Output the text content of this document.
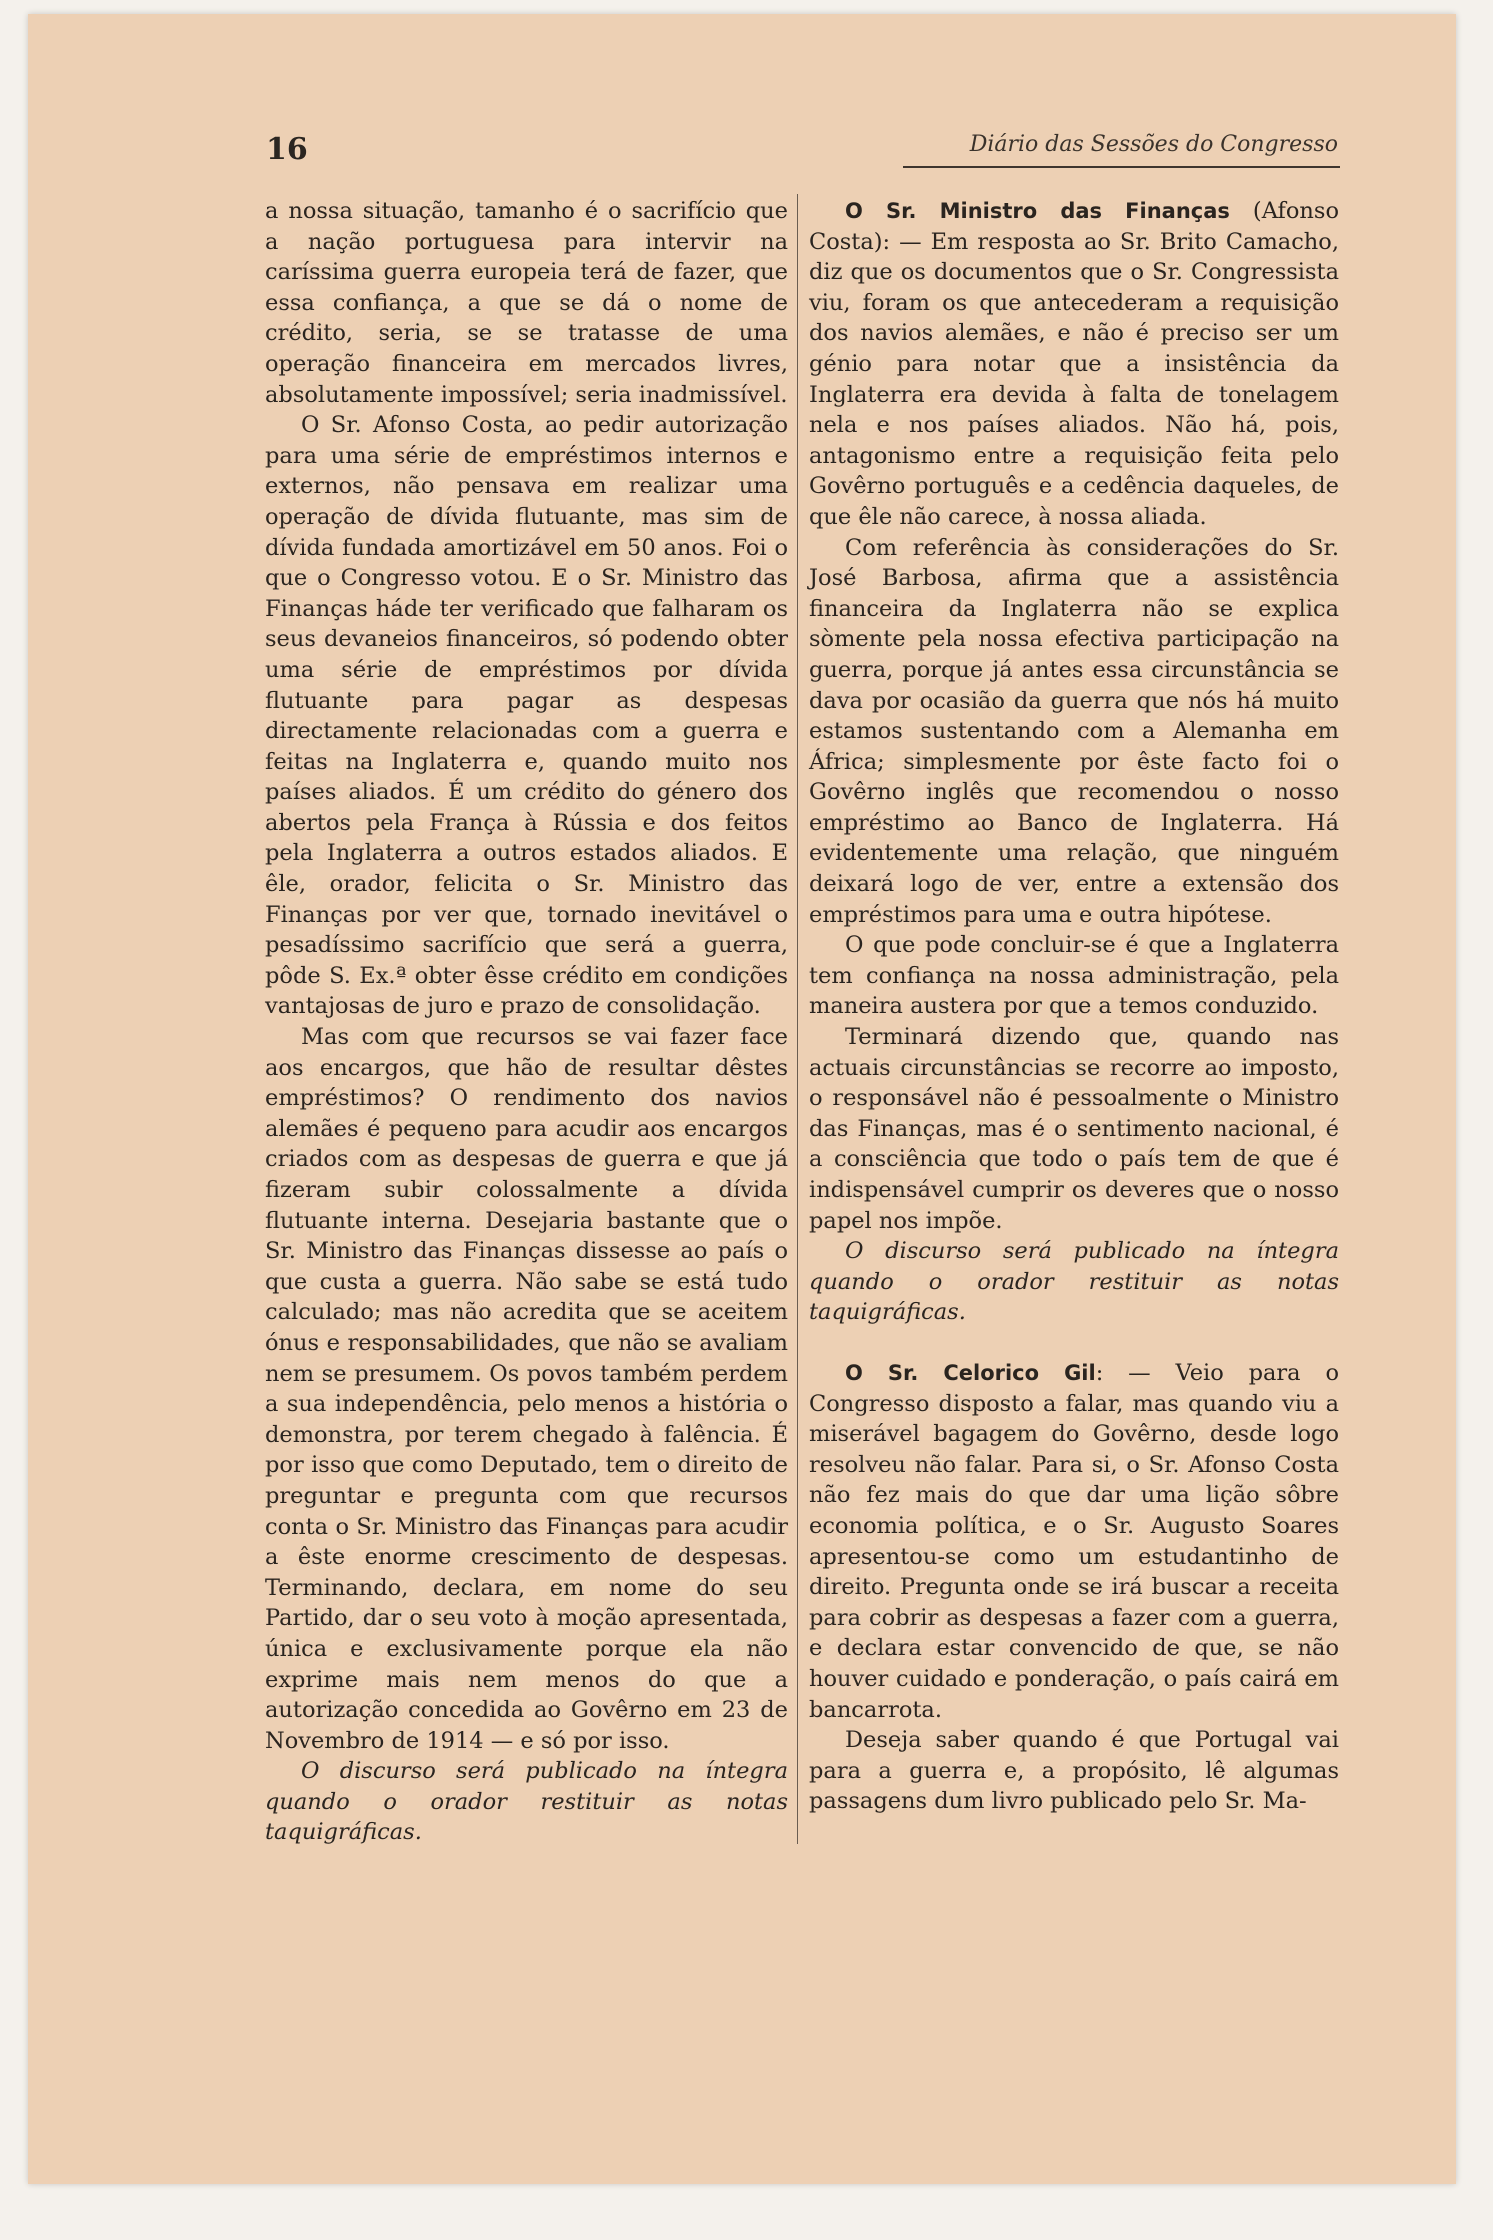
16	Diário das Sessões do Congresso

a nossa situação, tamanho é o sacrifício que a nação portuguesa para intervir na caríssima guerra europeia terá de fazer, que essa confiança, a que se dá o nome de crédito, seria, se se tratasse de uma operação financeira em mercados livres, absolutamente impossível; seria inadmissível.

O Sr. Afonso Costa, ao pedir autorização para uma série de empréstimos internos e externos, não pensava em realizar uma operação de dívida flutuante, mas sim de dívida fundada amortizável em 50 anos. Foi o que o Congresso votou. E o Sr. Ministro das Finanças háde ter verificado que falharam os seus devaneios financeiros, só podendo obter uma série de empréstimos por dívida flutuante para pagar as despesas directamente relacionadas com a guerra e feitas na Inglaterra e, quando muito nos países aliados. É um crédito do género dos abertos pela França à Rússia e dos feitos pela Inglaterra a outros estados aliados. E êle, orador, felicita o Sr. Ministro das Finanças por ver que, tornado inevitável o pesadíssimo sacrifício que será a guerra, pôde S. Ex.ª obter êsse crédito em condições vantajosas de juro e prazo de consolidação.

Mas com que recursos se vai fazer face aos encargos, que hão de resultar dêstes empréstimos? O rendimento dos navios alemães é pequeno para acudir aos encargos criados com as despesas de guerra e que já fizeram subir colossalmente a dívida flutuante interna. Desejaria bastante que o Sr. Ministro das Finanças dissesse ao país o que custa a guerra. Não sabe se está tudo calculado; mas não acredita que se aceitem ónus e responsabilidades, que não se avaliam nem se presumem. Os povos também perdem a sua independência, pelo menos a história o demonstra, por terem chegado à falência. É por isso que como Deputado, tem o direito de preguntar e pregunta com que recursos conta o Sr. Ministro das Finanças para acudir a êste enorme crescimento de despesas. Terminando, declara, em nome do seu Partido, dar o seu voto à moção apresentada, única e exclusivamente porque ela não exprime mais nem menos do que a autorização concedida ao Govêrno em 23 de Novembro de 1914 — e só por isso.

O discurso será publicado na íntegra quando o orador restituir as notas taquigráficas.

O Sr. Ministro das Finanças (Afonso Costa): — Em resposta ao Sr. Brito Camacho, diz que os documentos que o Sr. Congressista viu, foram os que antecederam a requisição dos navios alemães, e não é preciso ser um génio para notar que a insistência da Inglaterra era devida à falta de tonelagem nela e nos países aliados. Não há, pois, antagonismo entre a requisição feita pelo Govêrno português e a cedência daqueles, de que êle não carece, à nossa aliada.

Com referência às considerações do Sr. José Barbosa, afirma que a assistência financeira da Inglaterra não se explica sòmente pela nossa efectiva participação na guerra, porque já antes essa circunstância se dava por ocasião da guerra que nós há muito estamos sustentando com a Alemanha em África; simplesmente por êste facto foi o Govêrno inglês que recomendou o nosso empréstimo ao Banco de Inglaterra. Há evidentemente uma relação, que ninguém deixará logo de ver, entre a extensão dos empréstimos para uma e outra hipótese.

O que pode concluir-se é que a Inglaterra tem confiança na nossa administração, pela maneira austera por que a temos conduzido.

Terminará dizendo que, quando nas actuais circunstâncias se recorre ao imposto, o responsável não é pessoalmente o Ministro das Finanças, mas é o sentimento nacional, é a consciência que todo o país tem de que é indispensável cumprir os deveres que o nosso papel nos impõe.

O discurso será publicado na íntegra quando o orador restituir as notas taquigráficas.

O Sr. Celorico Gil: — Veio para o Congresso disposto a falar, mas quando viu a miserável bagagem do Govêrno, desde logo resolveu não falar. Para si, o Sr. Afonso Costa não fez mais do que dar uma lição sôbre economia política, e o Sr. Augusto Soares apresentou-se como um estudantinho de direito. Pregunta onde se irá buscar a receita para cobrir as despesas a fazer com a guerra, e declara estar convencido de que, se não houver cuidado e ponderação, o país cairá em bancarrota.

Deseja saber quando é que Portugal vai para a guerra e, a propósito, lê algumas passagens dum livro publicado pelo Sr. Ma-
